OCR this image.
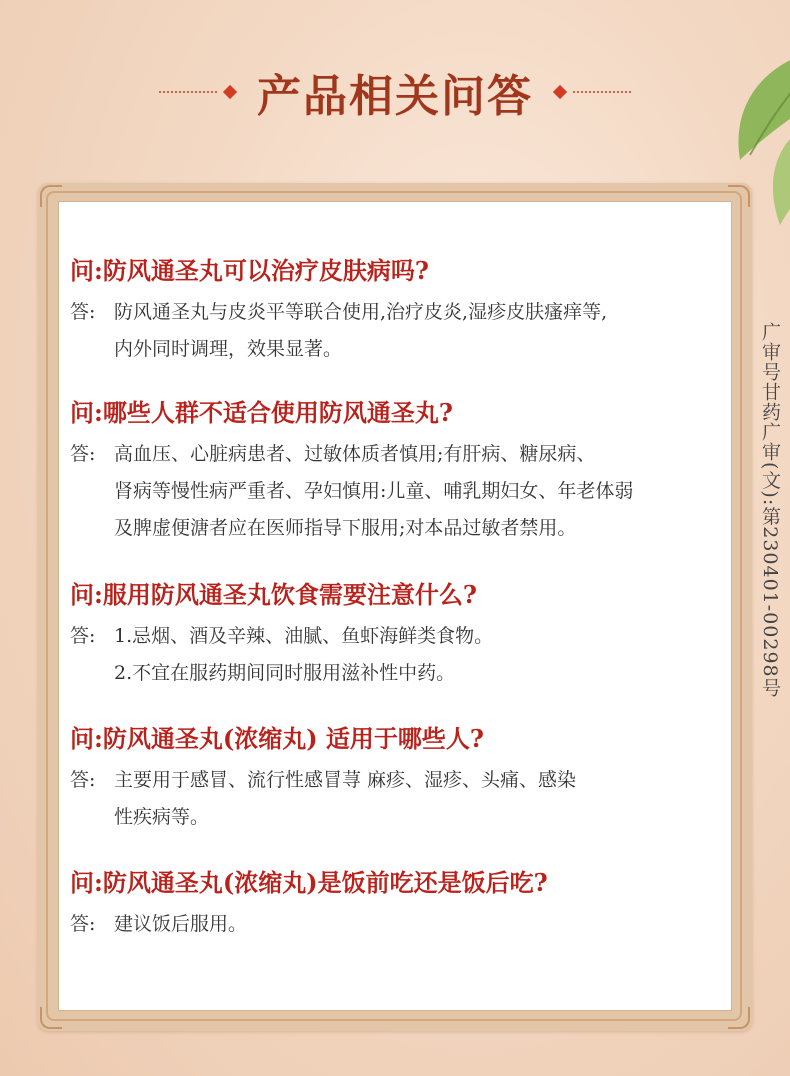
产品相关问答
问:防风通圣丸可以治疗皮肤病吗?
答: 防风通圣丸与皮炎平等联合使用,治疗皮炎,湿疹皮肤瘙痒等,
内外同时调理，效果显著。
问:哪些人群不适合使用防风通圣丸?
答: 高血压、心脏病患者、过敏体质者慎用;有肝病、糖尿病、
肾病等慢性病严重者、孕妇慎用:儿童、哺乳期妇女、年老体弱
及脾虚便溏者应在医师指导下服用;对本品过敏者禁用。
问:服用防风通圣丸饮食需要注意什么?
答: 1.忌烟、酒及辛辣、油腻、鱼虾海鲜类食物。
2.不宜在服药期间同时服用滋补性中药。
问:防风通圣丸(浓缩丸) 适用于哪些人?
答: 主要用于感冒、流行性感冒荨 麻疹、湿疹、头痛、感染
性疾病等。
问:防风通圣丸(浓缩丸)是饭前吃还是饭后吃?
答: 建议饭后服用。
广审号甘药广审(文):第230401-00298号
